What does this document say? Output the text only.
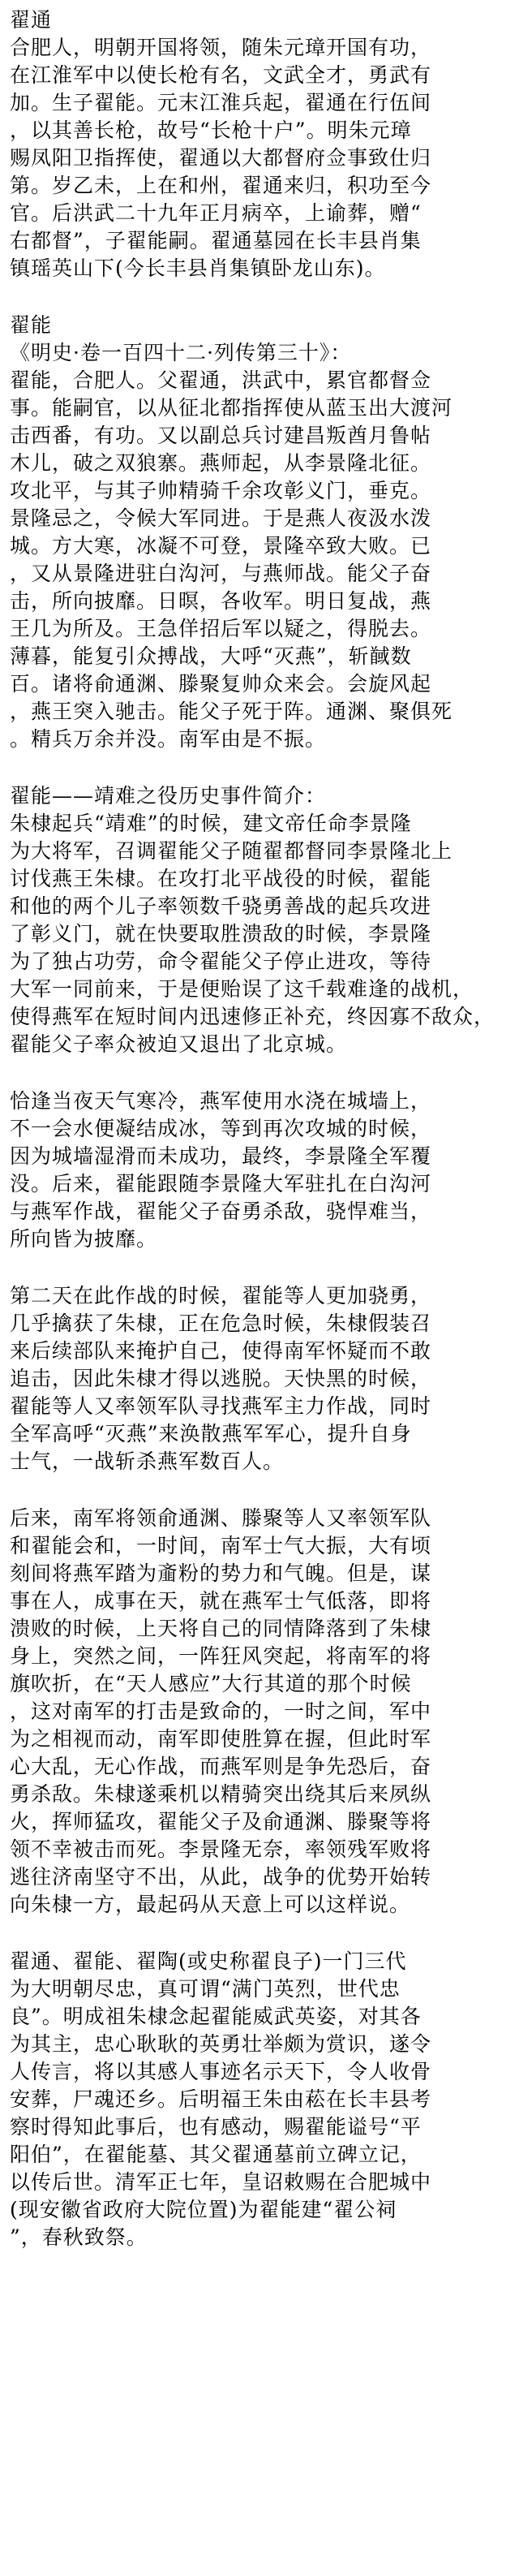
翟通
合肥人，明朝开国将领，随朱元璋开国有功，
在江淮军中以使长枪有名，文武全才，勇武有
加。生子翟能。元末江淮兵起，翟通在行伍间
，以其善长枪，故号“长枪十户”。明朱元璋
赐凤阳卫指挥使，翟通以大都督府佥事致仕归
第。岁乙未，上在和州，翟通来归，积功至今
官。后洪武二十九年正月病卒，上谕葬，赠“
右都督”，子翟能嗣。翟通墓园在长丰县肖集
镇瑶英山下(今长丰县肖集镇卧龙山东)。
翟能
《明史·卷一百四十二·列传第三十》：
翟能，合肥人。父翟通，洪武中，累官都督佥
事。能嗣官，以从征北都指挥使从蓝玉出大渡河
击西番，有功。又以副总兵讨建昌叛酋月鲁帖
木儿，破之双狼寨。燕师起，从李景隆北征。
攻北平，与其子帅精骑千余攻彰义门，垂克。
景隆忌之，令候大军同进。于是燕人夜汲水泼
城。方大寒，冰凝不可登，景隆卒致大败。已
，又从景隆进驻白沟河，与燕师战。能父子奋
击，所向披靡。日暝，各收军。明日复战，燕
王几为所及。王急佯招后军以疑之，得脱去。
薄暮，能复引众搏战，大呼“灭燕”，斩馘数
百。诸将俞通渊、滕聚复帅众来会。会旋风起
，燕王突入驰击。能父子死于阵。通渊、聚俱死
。精兵万余并没。南军由是不振。
翟能——靖难之役历史事件简介：
朱棣起兵“靖难”的时候，建文帝任命李景隆
为大将军，召调翟能父子随翟都督同李景隆北上
讨伐燕王朱棣。在攻打北平战役的时候，翟能
和他的两个儿子率领数千骁勇善战的起兵攻进
了彰义门，就在快要取胜溃敌的时候，李景隆
为了独占功劳，命令翟能父子停止进攻，等待
大军一同前来，于是便贻误了这千载难逢的战机，
使得燕军在短时间内迅速修正补充，终因寡不敌众，
翟能父子率众被迫又退出了北京城。
恰逢当夜天气寒冷，燕军使用水浇在城墙上，
不一会水便凝结成冰，等到再次攻城的时候，
因为城墙湿滑而未成功，最终，李景隆全军覆
没。后来，翟能跟随李景隆大军驻扎在白沟河
与燕军作战，翟能父子奋勇杀敌，骁悍难当，
所向皆为披靡。
第二天在此作战的时候，翟能等人更加骁勇，
几乎擒获了朱棣，正在危急时候，朱棣假装召
来后续部队来掩护自己，使得南军怀疑而不敢
追击，因此朱棣才得以逃脱。天快黑的时候，
翟能等人又率领军队寻找燕军主力作战，同时
全军高呼“灭燕”来涣散燕军军心，提升自身
士气，一战斩杀燕军数百人。
后来，南军将领俞通渊、滕聚等人又率领军队
和翟能会和，一时间，南军士气大振，大有顷
刻间将燕军踏为齑粉的势力和气魄。但是，谋
事在人，成事在天，就在燕军士气低落，即将
溃败的时候，上天将自己的同情降落到了朱棣
身上，突然之间，一阵狂风突起，将南军的将
旗吹折，在“天人感应”大行其道的那个时候
，这对南军的打击是致命的，一时之间，军中
为之相视而动，南军即使胜算在握，但此时军
心大乱，无心作战，而燕军则是争先恐后，奋
勇杀敌。朱棣遂乘机以精骑突出绕其后来夙纵
火，挥师猛攻，翟能父子及俞通渊、滕聚等将
领不幸被击而死。李景隆无奈，率领残军败将
逃往济南坚守不出，从此，战争的优势开始转
向朱棣一方，最起码从天意上可以这样说。
翟通、翟能、翟陶(或史称翟良子)一门三代
为大明朝尽忠，真可谓“满门英烈，世代忠
良”。明成祖朱棣念起翟能威武英姿，对其各
为其主，忠心耿耿的英勇壮举颇为赏识，遂令
人传言，将以其感人事迹名示天下，令人收骨
安葬，尸魂还乡。后明福王朱由菘在长丰县考
察时得知此事后，也有感动，赐翟能谥号“平
阳伯”，在翟能墓、其父翟通墓前立碑立记，
以传后世。清军正七年，皇诏敕赐在合肥城中
(现安徽省政府大院位置)为翟能建“翟公祠
”，春秋致祭。
